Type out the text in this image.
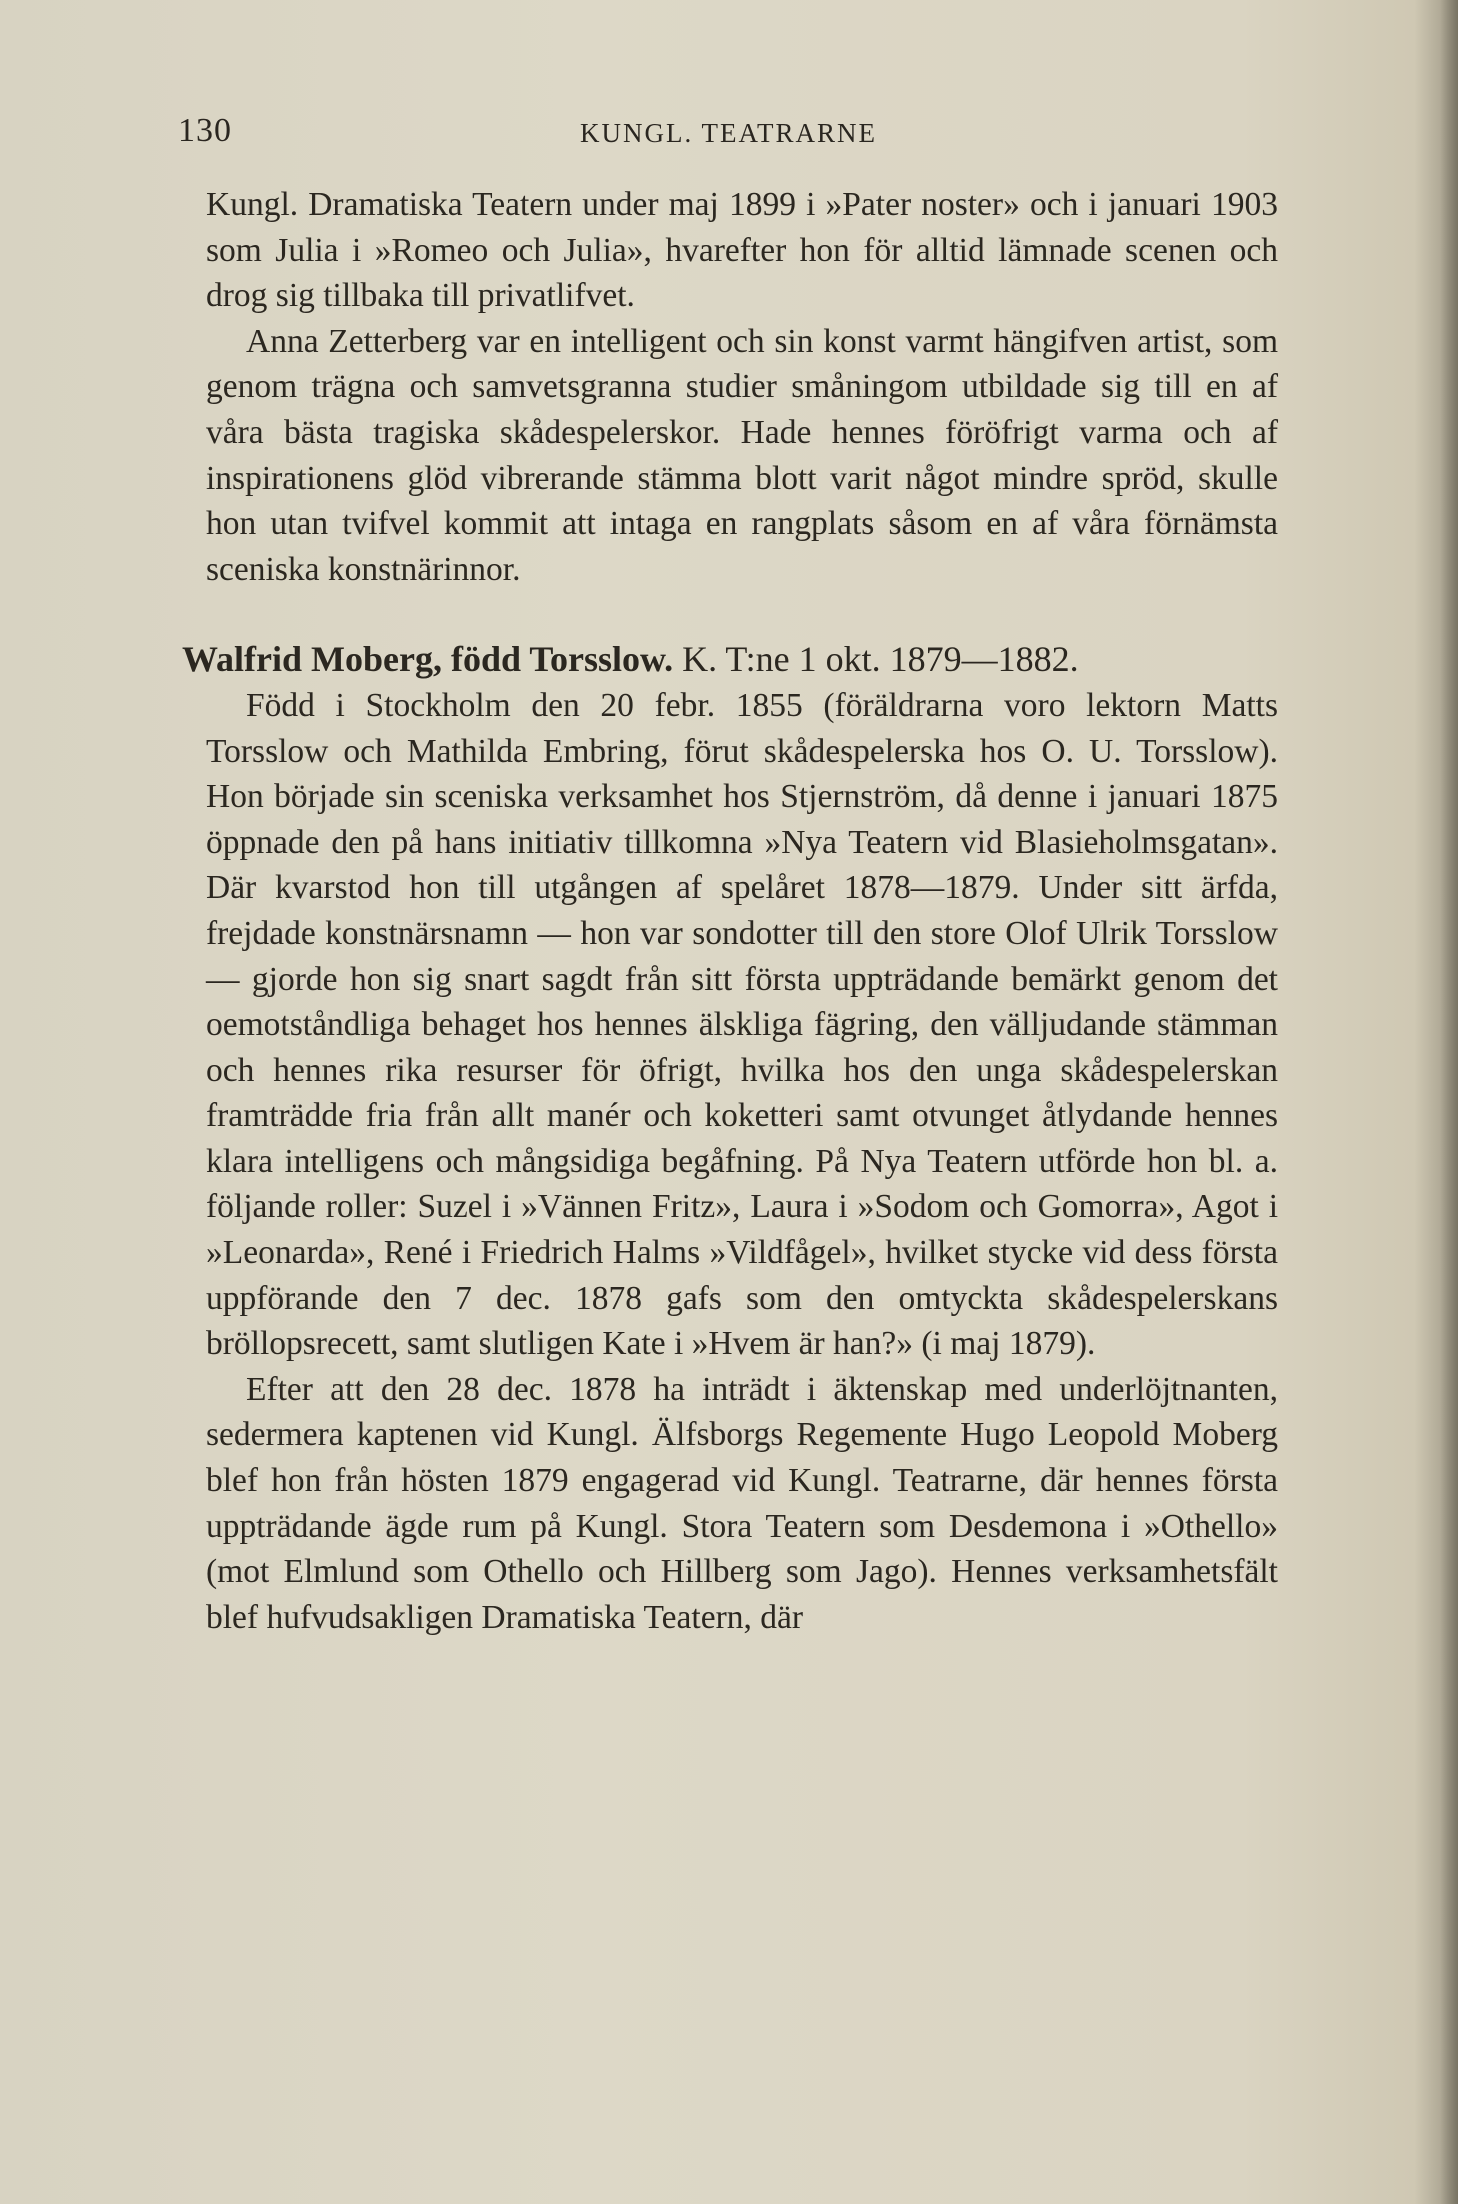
130	KUNGL. TEATRARNE

Kungl. Dramatiska Teatern under maj 1899 i »Pater noster» och i januari 1903 som Julia i »Romeo och Julia», hvarefter hon för alltid lämnade scenen och drog sig tillbaka till privatlifvet.

Anna Zetterberg var en intelligent och sin konst varmt hängifven artist, som genom trägna och samvetsgranna studier småningom utbildade sig till en af våra bästa tragiska skådespelerskor. Hade hennes föröfrigt varma och af inspirationens glöd vibrerande stämma blott varit något mindre spröd, skulle hon utan tvifvel kommit att intaga en rangplats såsom en af våra förnämsta sceniska konstnärinnor.

Walfrid Moberg, född Torsslow. K. T:ne 1 okt. 1879—1882.

Född i Stockholm den 20 febr. 1855 (föräldrarna voro lektorn Matts Torsslow och Mathilda Embring, förut skådespelerska hos O. U. Torsslow). Hon började sin sceniska verksamhet hos Stjernström, då denne i januari 1875 öppnade den på hans initiativ tillkomna »Nya Teatern vid Blasieholmsgatan». Där kvarstod hon till utgången af spelåret 1878—1879. Under sitt ärfda, frejdade konstnärsnamn — hon var sondotter till den store Olof Ulrik Torsslow — gjorde hon sig snart sagdt från sitt första uppträdande bemärkt genom det oemotståndliga behaget hos hennes älskliga fägring, den välljudande stämman och hennes rika resurser för öfrigt, hvilka hos den unga skådespelerskan framträdde fria från allt manér och koketteri samt otvunget åtlydande hennes klara intelligens och mångsidiga begåfning. På Nya Teatern utförde hon bl. a. följande roller: Suzel i »Vännen Fritz», Laura i »Sodom och Gomorra», Agot i »Leonarda», René i Friedrich Halms »Vildfågel», hvilket stycke vid dess första uppförande den 7 dec. 1878 gafs som den omtyckta skådespelerskans bröllopsrecett, samt slutligen Kate i »Hvem är han?» (i maj 1879).

Efter att den 28 dec. 1878 ha inträdt i äktenskap med underlöjtnanten, sedermera kaptenen vid Kungl. Älfsborgs Regemente Hugo Leopold Moberg blef hon från hösten 1879 engagerad vid Kungl. Teatrarne, där hennes första uppträdande ägde rum på Kungl. Stora Teatern som Desdemona i »Othello» (mot Elmlund som Othello och Hillberg som Jago). Hennes verksamhetsfält blef hufvudsakligen Dramatiska Teatern, där
